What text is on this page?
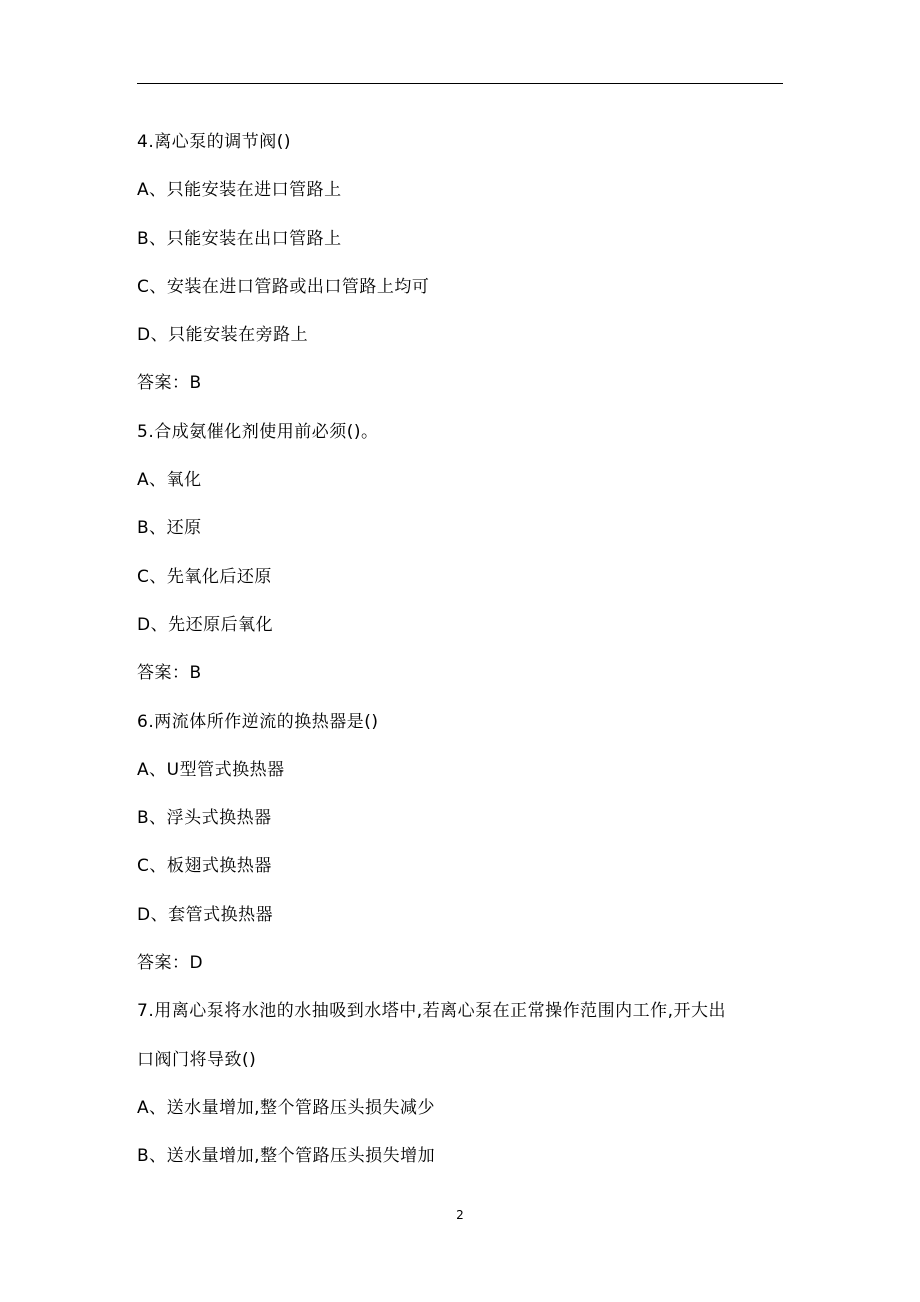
4.离心泵的调节阀()
A、只能安装在进口管路上
B、只能安装在出口管路上
C、安装在进口管路或出口管路上均可
D、只能安装在旁路上
答案：B
5.合成氨催化剂使用前必须()。
A、氧化
B、还原
C、先氧化后还原
D、先还原后氧化
答案：B
6.两流体所作逆流的换热器是()
A、U型管式换热器
B、浮头式换热器
C、板翅式换热器
D、套管式换热器
答案：D
7.用离心泵将水池的水抽吸到水塔中,若离心泵在正常操作范围内工作,开大出
口阀门将导致()
A、送水量增加,整个管路压头损失减少
B、送水量增加,整个管路压头损失增加
2
